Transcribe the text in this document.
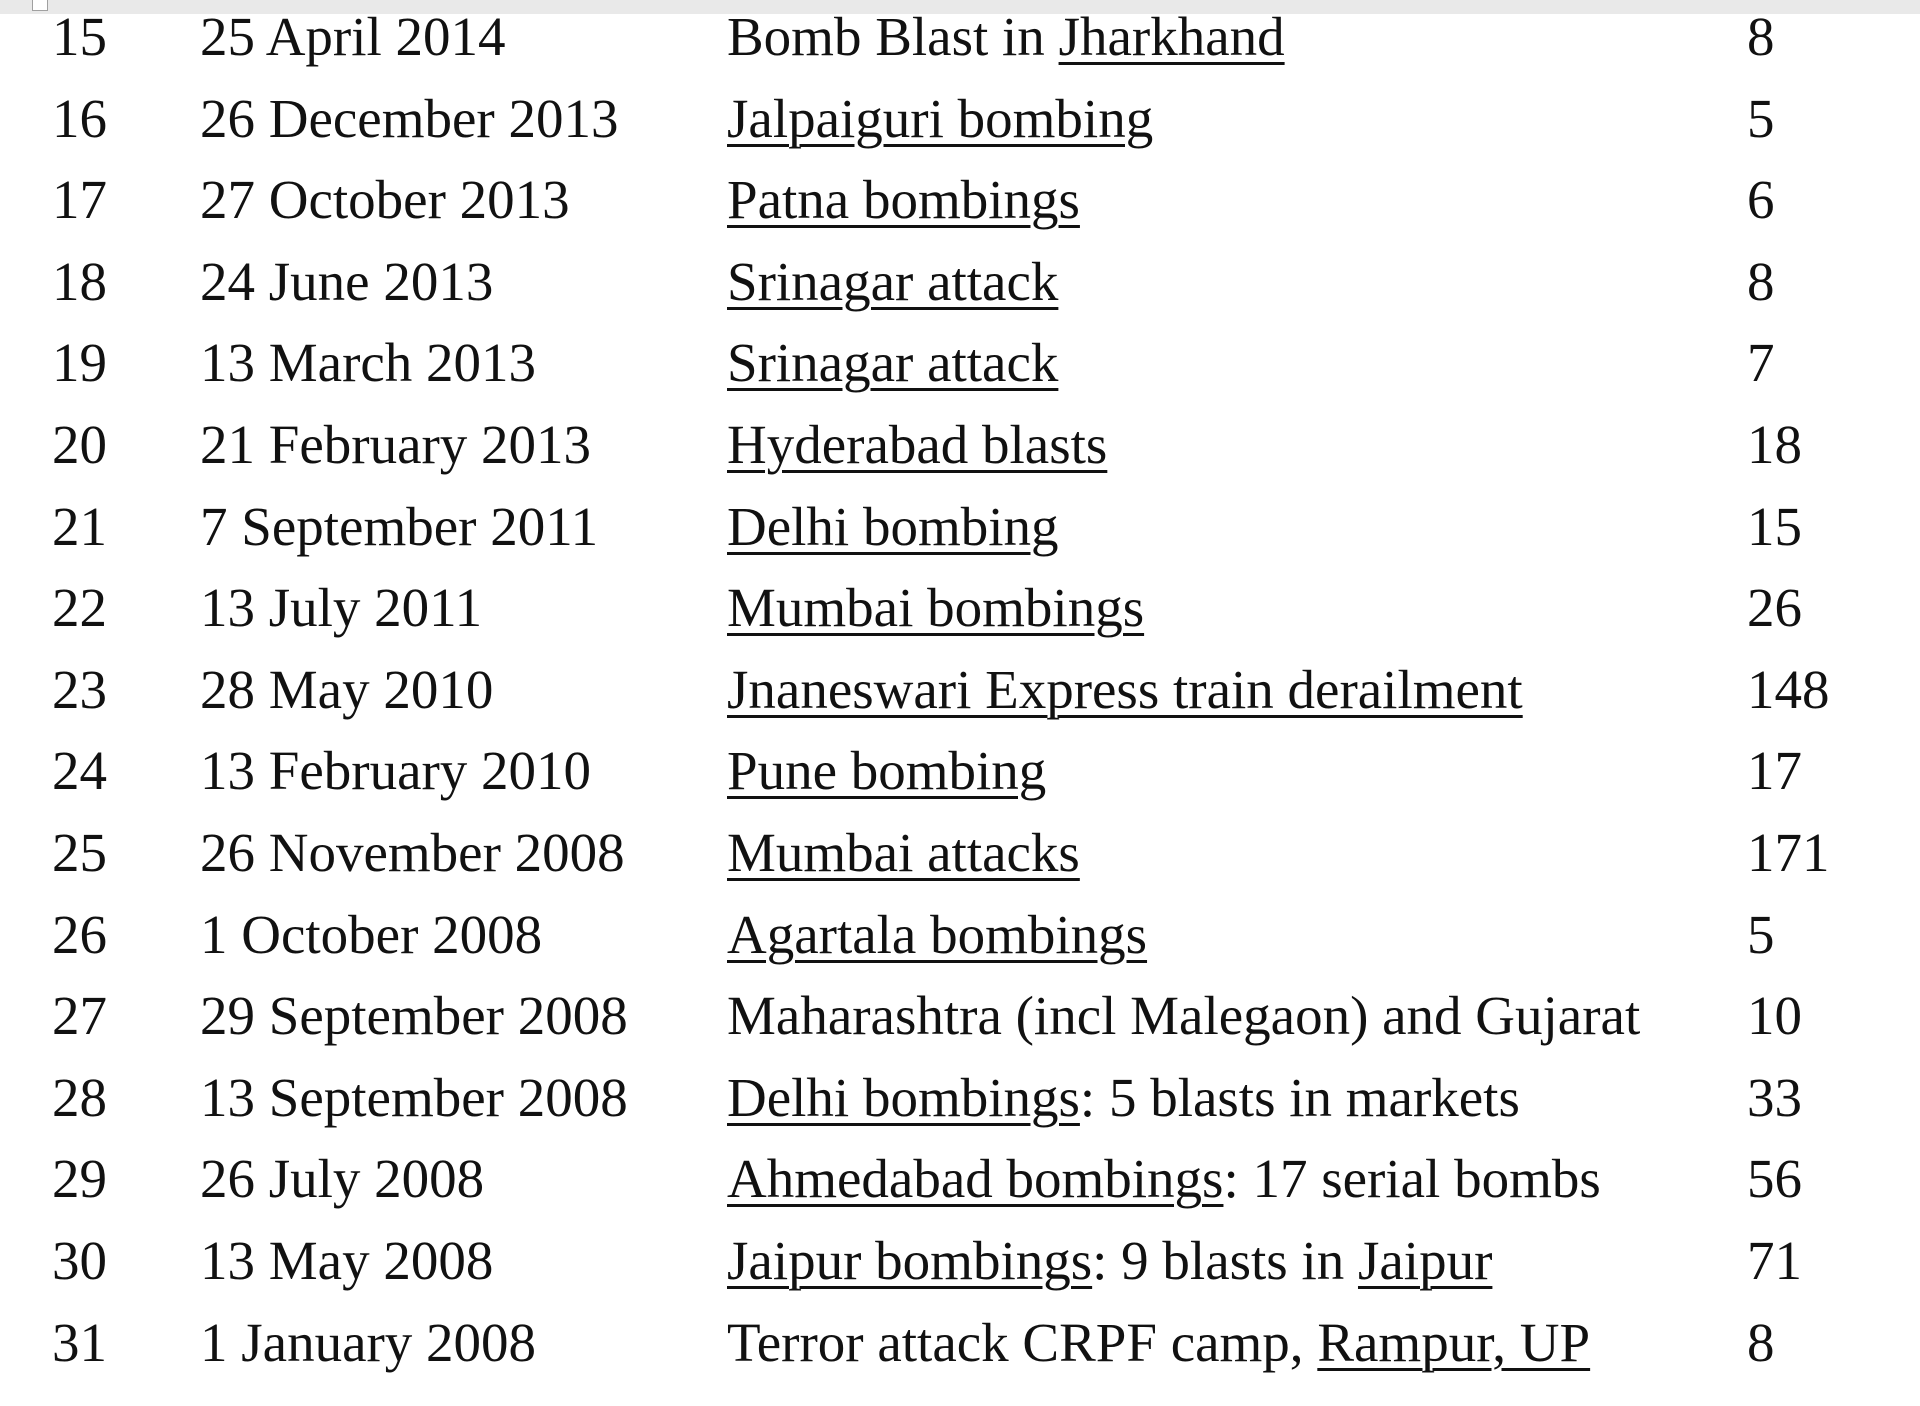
15 25 April 2014	Bomb Blast in Jharkhand	8
16 26 December 2013 Jalpaiguri bombing	5
17 27 October 2013	Patna bombings	6
18 24 June 2013	Srinagar attack	8
19 13 March 2013	Srinagar attack	7
20 21 February 2013 Hyderabad blasts	18
21 7 September 2011 Delhi bombing	15
22 13 July 2011	Mumbai bombings	26
23 28 May 2010	Jnaneswari Express train derailment	148
24 13 February 2010 Pune bombing	17
25 26 November 2008 Mumbai attacks	171
26 1 October 2008	Agartala bombings	5
27 29 September 2008 Maharashtra (incl Malegaon) and Gujarat 10
28 13 September 2008 Delhi bombings: 5 blasts in markets	33
29 26 July 2008	Ahmedabad bombings: 17 serial bombs	56
30 13 May 2008	Jaipur bombings: 9 blasts in Jaipur	71
31 1 January 2008	Terror attack CRPF camp, Rampur, UP	8
